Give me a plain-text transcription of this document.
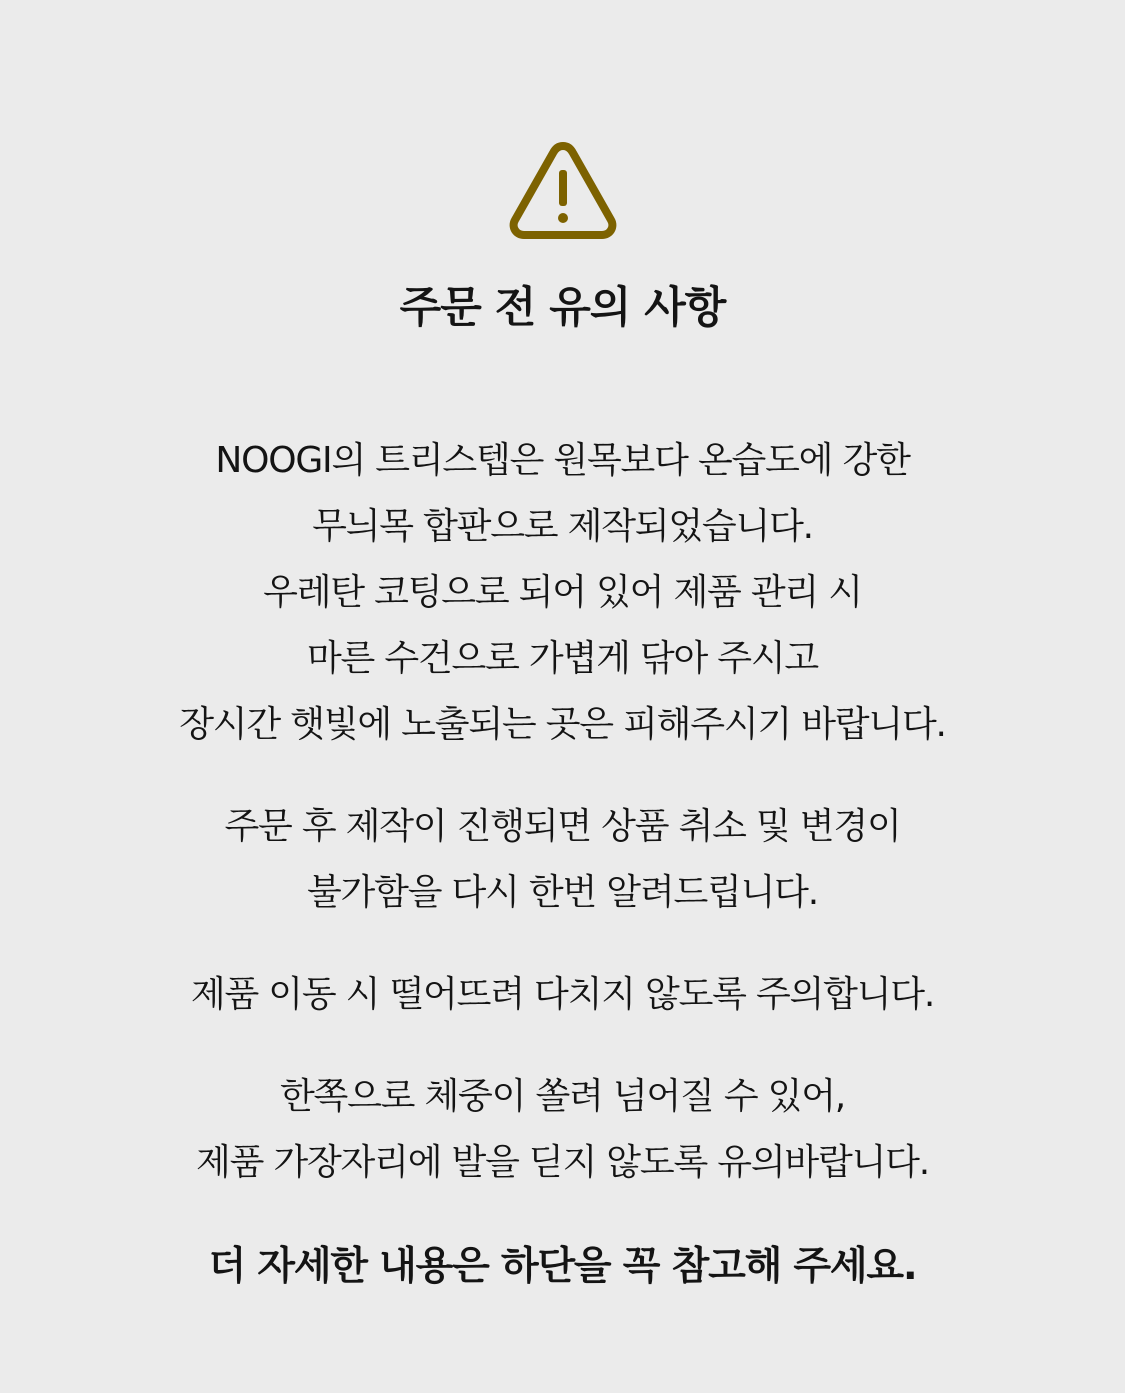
주문 전 유의 사항

NOOGI의 트리스텝은 원목보다 온습도에 강한
무늬목 합판으로 제작되었습니다.
우레탄 코팅으로 되어 있어 제품 관리 시
마른 수건으로 가볍게 닦아 주시고
장시간 햇빛에 노출되는 곳은 피해주시기 바랍니다.

주문 후 제작이 진행되면 상품 취소 및 변경이
불가함을 다시 한번 알려드립니다.

제품 이동 시 떨어뜨려 다치지 않도록 주의합니다.

한쪽으로 체중이 쏠려 넘어질 수 있어,
제품 가장자리에 발을 딛지 않도록 유의바랍니다.

더 자세한 내용은 하단을 꼭 참고해 주세요.
